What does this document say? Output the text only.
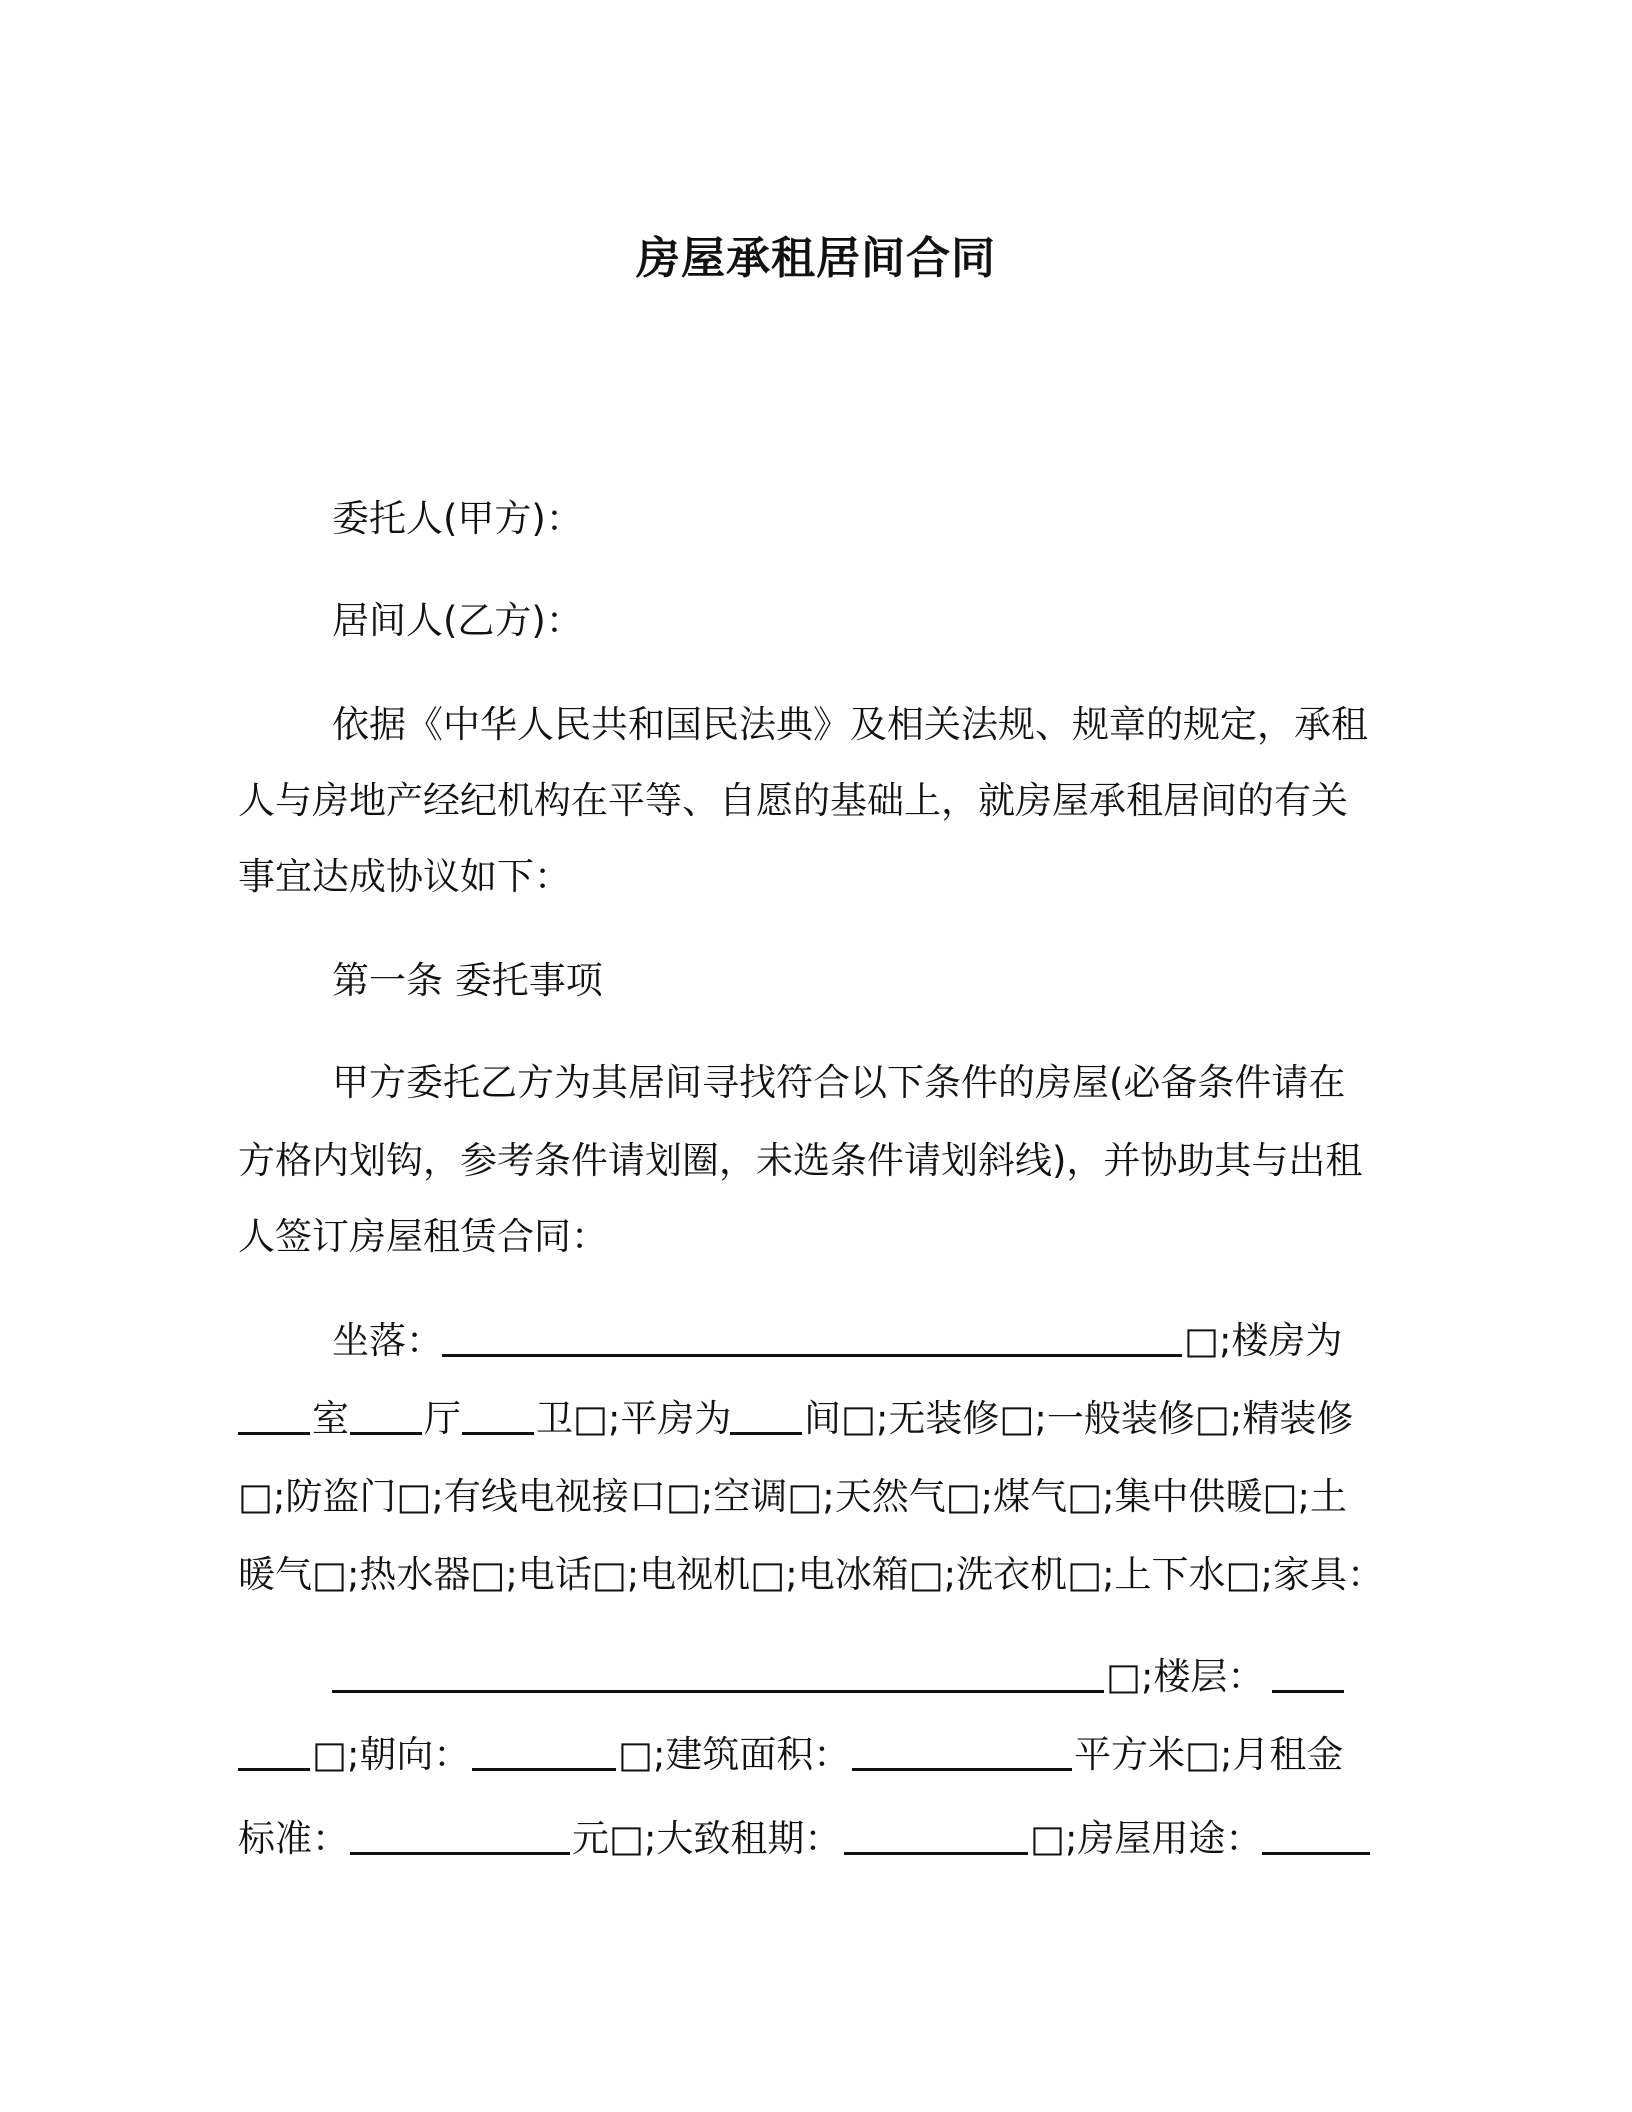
房屋承租居间合同
委托人(甲方)：
居间人(乙方)：
依据《中华人民共和国民法典》及相关法规、规章的规定，承租
人与房地产经纪机构在平等、自愿的基础上，就房屋承租居间的有关
事宜达成协议如下：
第一条 委托事项
甲方委托乙方为其居间寻找符合以下条件的房屋(必备条件请在
方格内划钩，参考条件请划圈，未选条件请划斜线)，并协助其与出租
人签订房屋租赁合同：
坐落：	□;楼房为
室 厅 卫□;平房为 间□;无装修□;一般装修□;精装修
□;防盗门□;有线电视接口□;空调□;天然气□;煤气□;集中供暖□;土
暖气□;热水器□;电话□;电视机□;电冰箱□;洗衣机□;上下水□;家具：
□;楼层：
□;朝向：	□;建筑面积：	平方米□;月租金
标准：	元□;大致租期：	□;房屋用途：
